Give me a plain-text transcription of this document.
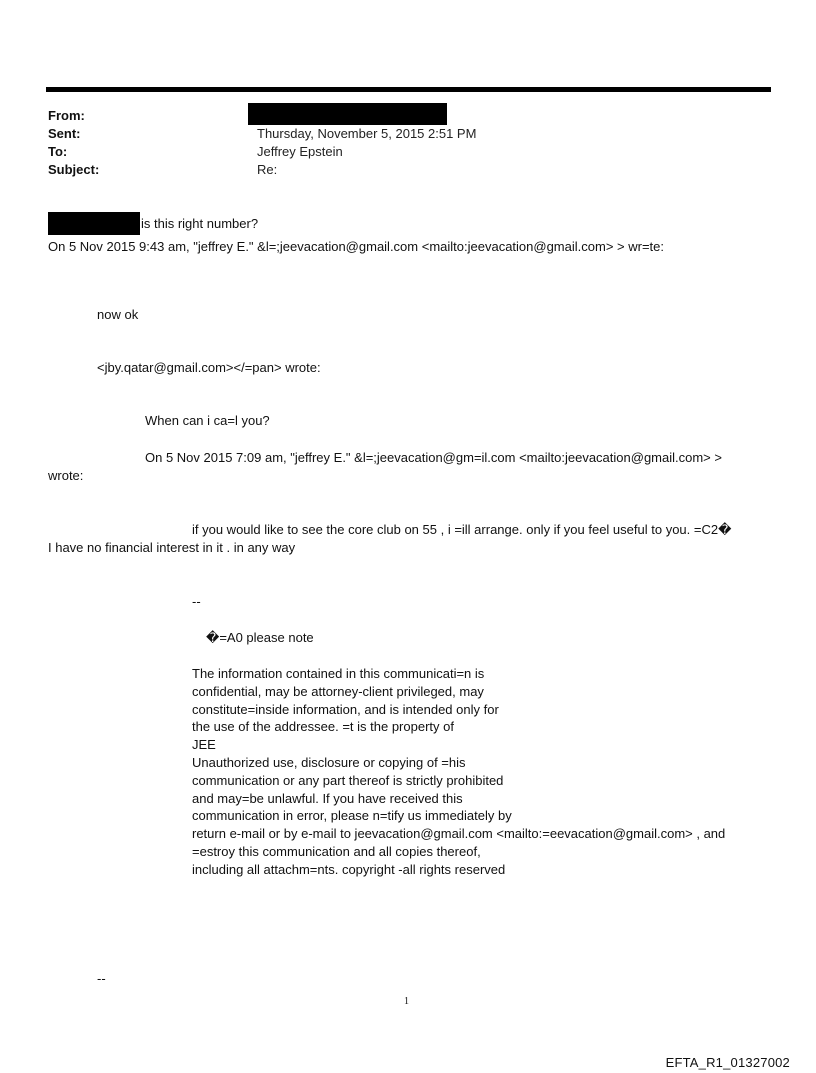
From:
Sent:	Thursday, November 5, 2015 2:51 PM
To:	Jeffrey Epstein
Subject:	Re:
is this right number?
On 5 Nov 2015 9:43 am, "jeffrey E." &l=;jeevacation@gmail.com <mailto:jeevacation@gmail.com> > wr=te:
now ok
<jby.qatar@gmail.com></=pan> wrote:
When can i ca=l you?
On 5 Nov 2015 7:09 am, "jeffrey E." &l=;jeevacation@gm=il.com <mailto:jeevacation@gmail.com> >
wrote:
if you would like to see the core club on 55 , i =ill arrange. only if you feel useful to you. =C2�
I have no financial interest in it . in any way
--
�=A0 please note
The information contained in this communicati=n is
confidential, may be attorney-client privileged, may
constitute=inside information, and is intended only for
the use of the addressee. =t is the property of
JEE
Unauthorized use, disclosure or copying of =his
communication or any part thereof is strictly prohibited
and may=be unlawful. If you have received this
communication in error, please n=tify us immediately by
return e-mail or by e-mail to jeevacation@gmail.com <mailto:=eevacation@gmail.com> , and
=estroy this communication and all copies thereof,
including all attachm=nts. copyright -all rights reserved
--
1
EFTA_R1_01327002
